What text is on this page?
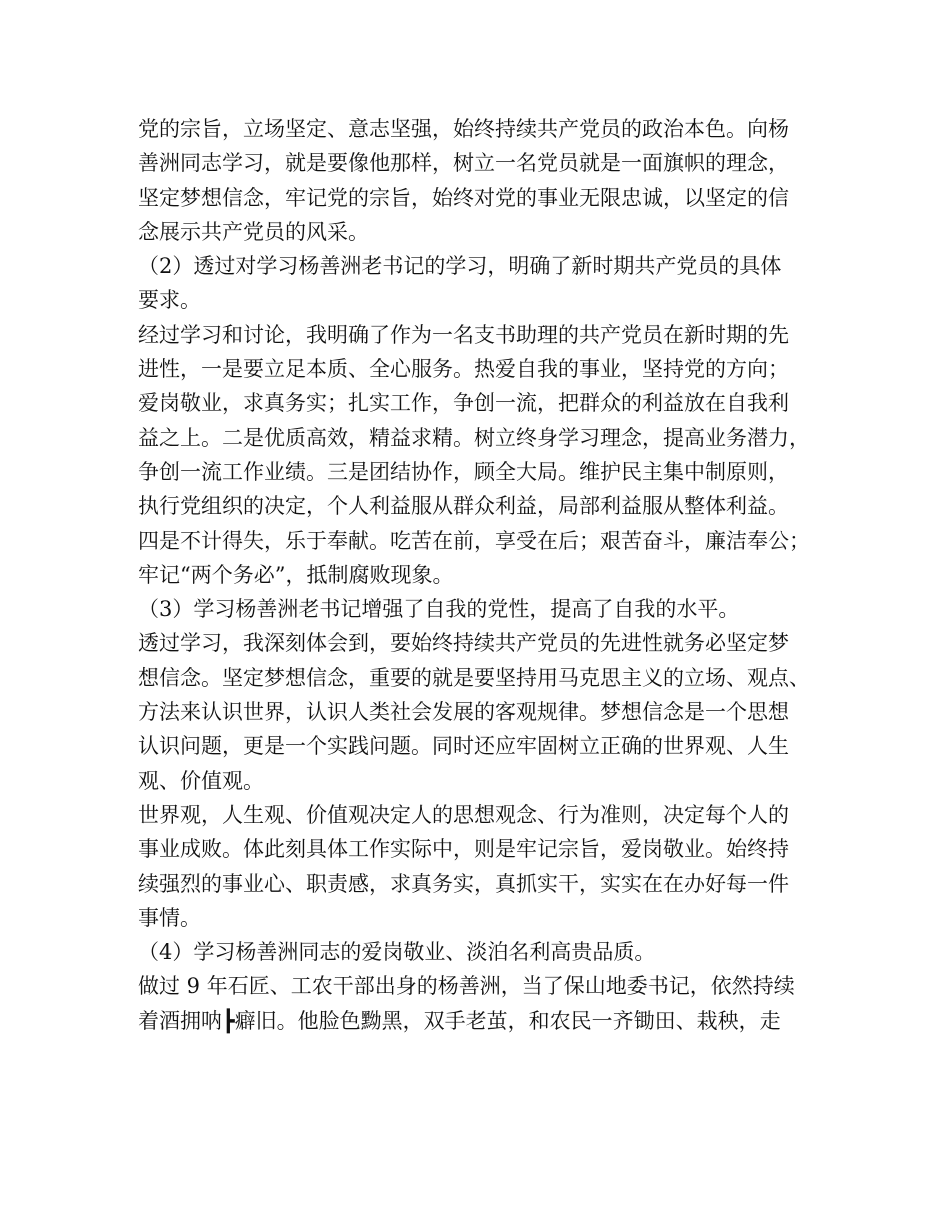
党的宗旨，立场坚定、意志坚强，始终持续共产党员的政治本色。向杨
善洲同志学习，就是要像他那样，树立一名党员就是一面旗帜的理念，
坚定梦想信念，牢记党的宗旨，始终对党的事业无限忠诚，以坚定的信
念展示共产党员的风采。
（2）透过对学习杨善洲老书记的学习，明确了新时期共产党员的具体
要求。
经过学习和讨论，我明确了作为一名支书助理的共产党员在新时期的先
进性，一是要立足本质、全心服务。热爱自我的事业，坚持党的方向；
爱岗敬业，求真务实；扎实工作，争创一流，把群众的利益放在自我利
益之上。二是优质高效，精益求精。树立终身学习理念，提高业务潜力，
争创一流工作业绩。三是团结协作，顾全大局。维护民主集中制原则，
执行党组织的决定，个人利益服从群众利益，局部利益服从整体利益。
四是不计得失，乐于奉献。吃苦在前，享受在后；艰苦奋斗，廉洁奉公；
牢记“两个务必”，抵制腐败现象。
（3）学习杨善洲老书记增强了自我的党性，提高了自我的水平。
透过学习，我深刻体会到，要始终持续共产党员的先进性就务必坚定梦
想信念。坚定梦想信念，重要的就是要坚持用马克思主义的立场、观点、
方法来认识世界，认识人类社会发展的客观规律。梦想信念是一个思想
认识问题，更是一个实践问题。同时还应牢固树立正确的世界观、人生
观、价值观。
世界观，人生观、价值观决定人的思想观念、行为准则，决定每个人的
事业成败。体此刻具体工作实际中，则是牢记宗旨，爱岗敬业。始终持
续强烈的事业心、职责感，求真务实，真抓实干，实实在在办好每一件
事情。
（4）学习杨善洲同志的爱岗敬业、淡泊名利高贵品质。
做过 9 年石匠、工农干部出身的杨善洲，当了保山地委书记，依然持续
着酒拥呐┣癖旧。他脸色黝黑，双手老茧，和农民一齐锄田、栽秧，走
